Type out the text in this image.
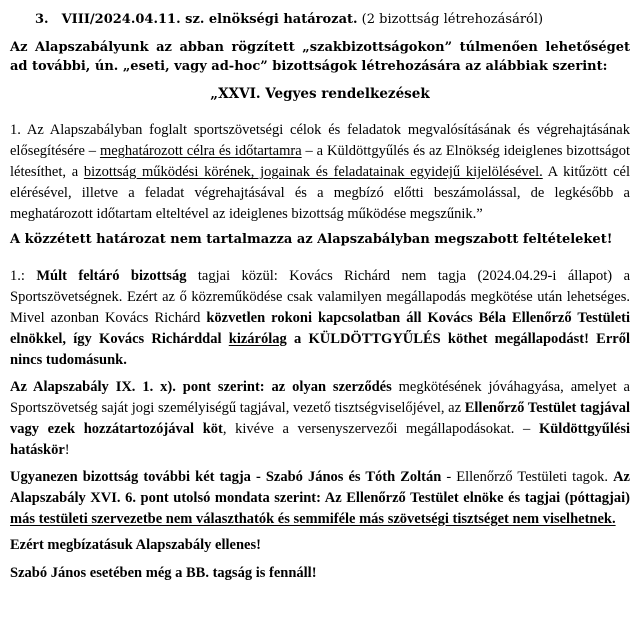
3. VIII/2024.04.11. sz. elnökségi határozat. (2 bizottság létrehozásáról)

Az Alapszabályunk az abban rögzített „szakbizottságokon” túlmenően lehetőséget ad további, ún. „eseti, vagy ad-hoc” bizottságok létrehozására az alábbiak szerint:

„XXVI. Vegyes rendelkezések

1. Az Alapszabályban foglalt sportszövetségi célok és feladatok megvalósításának és végrehajtásának elősegítésére – meghatározott célra és időtartamra – a Küldöttgyűlés és az Elnökség ideiglenes bizottságot létesíthet, a bizottság működési körének, jogainak és feladatainak egyidejű kijelölésével. A kitűzött cél elérésével, illetve a feladat végrehajtásával és a megbízó előtti beszámolással, de legkésőbb a meghatározott időtartam elteltével az ideiglenes bizottság működése megszűnik.”

A közzétett határozat nem tartalmazza az Alapszabályban megszabott feltételeket!

1.: Múlt feltáró bizottság tagjai közül: Kovács Richárd nem tagja (2024.04.29-i állapot) a Sportszövetségnek. Ezért az ő közreműködése csak valamilyen megállapodás megkötése után lehetséges. Mivel azonban Kovács Richárd közvetlen rokoni kapcsolatban áll Kovács Béla Ellenőrző Testületi elnökkel, így Kovács Richárddal kizárólag a KÜLDÖTTGYŰLÉS köthet megállapodást! Erről nincs tudomásunk.

Az Alapszabály IX. 1. x). pont szerint: az olyan szerződés megkötésének jóváhagyása, amelyet a Sportszövetség saját jogi személyiségű tagjával, vezető tisztségviselőjével, az Ellenőrző Testület tagjával vagy ezek hozzátartozójával köt, kivéve a versenyszervezői megállapodásokat. – Küldöttgyűlési hatáskör!

Ugyanezen bizottság további két tagja - Szabó János és Tóth Zoltán - Ellenőrző Testületi tagok. Az Alapszabály XVI. 6. pont utolsó mondata szerint: Az Ellenőrző Testület elnöke és tagjai (póttagjai) más testületi szervezetbe nem választhatók és semmiféle más szövetségi tisztséget nem viselhetnek.

Ezért megbízatásuk Alapszabály ellenes!

Szabó János esetében még a BB. tagság is fennáll!
